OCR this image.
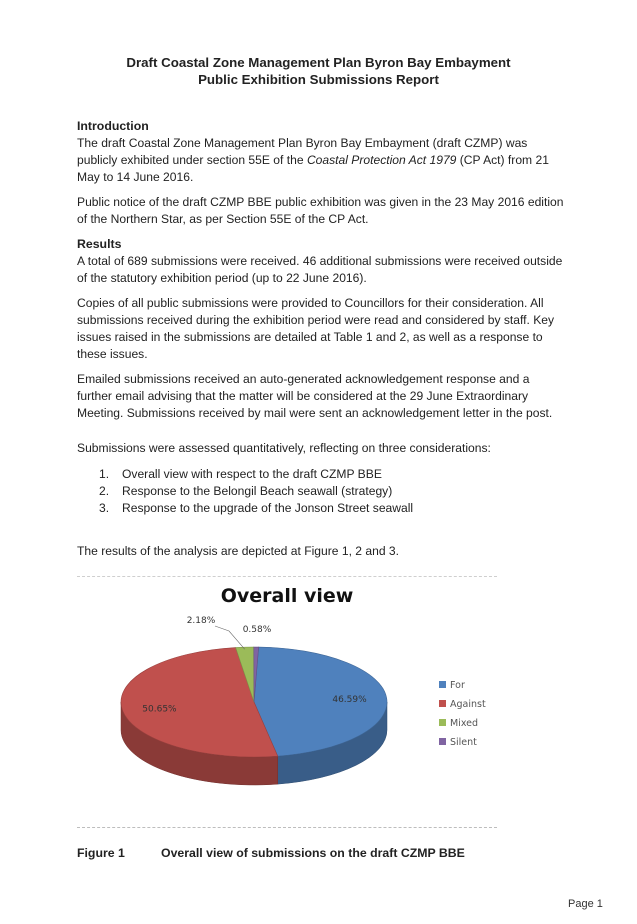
Draft Coastal Zone Management Plan Byron Bay Embayment
Public Exhibition Submissions Report
Introduction

The draft Coastal Zone Management Plan Byron Bay Embayment (draft CZMP) was publicly exhibited under section 55E of the Coastal Protection Act 1979 (CP Act) from 21 May to 14 June 2016.

Public notice of the draft CZMP BBE public exhibition was given in the 23 May 2016 edition of the Northern Star, as per Section 55E of the CP Act.
Results

A total of 689 submissions were received. 46 additional submissions were received outside of the statutory exhibition period (up to 22 June 2016).

Copies of all public submissions were provided to Councillors for their consideration. All submissions received during the exhibition period were read and considered by staff. Key issues raised in the submissions are detailed at Table 1 and 2, as well as a response to these issues.
Emailed submissions received an auto-generated acknowledgement response and a further email advising that the matter will be considered at the 29 June Extraordinary Meeting. Submissions received by mail were sent an acknowledgement letter in the post.
Submissions were assessed quantitatively, reflecting on three considerations:
1. Overall view with respect to the draft CZMP BBE
2. Response to the Belongil Beach seawall (strategy)
3. Response to the upgrade of the Jonson Street seawall
The results of the analysis are depicted at Figure 1, 2 and 3.
Overall view
46.59%
50.65%
2.18%
0.58%
For
Against
Mixed
Silent
Figure 1	Overall view of submissions on the draft CZMP BBE
Page 1
